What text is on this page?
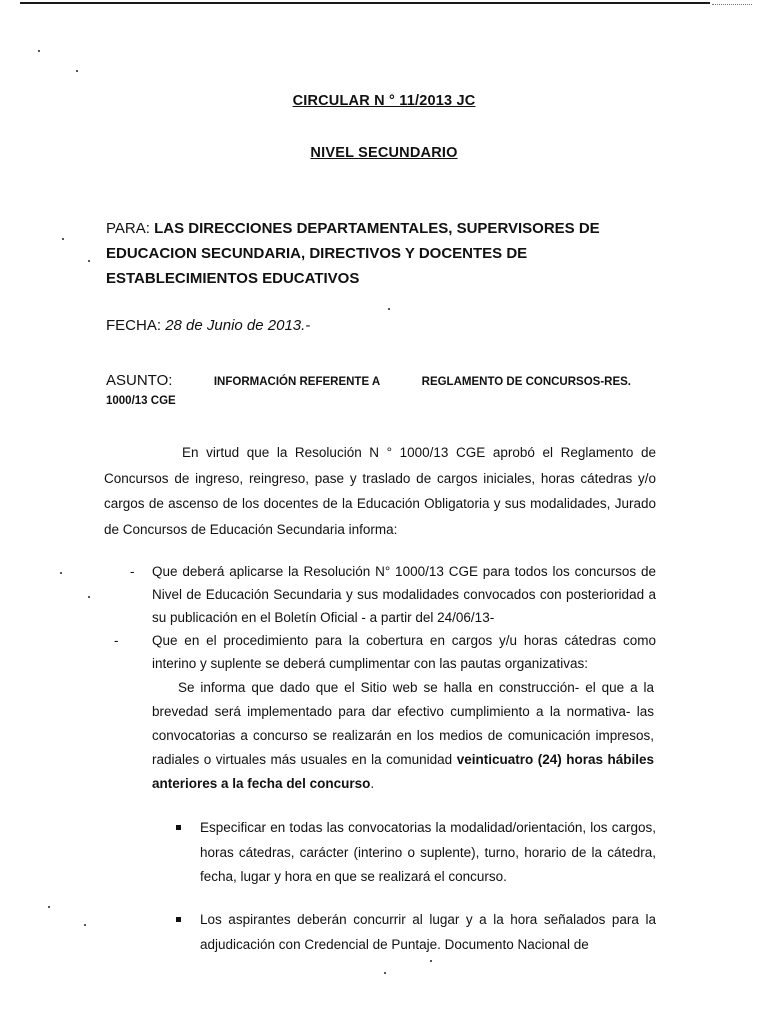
CIRCULAR N ° 11/2013 JC
NIVEL SECUNDARIO
PARA: LAS DIRECCIONES DEPARTAMENTALES, SUPERVISORES DE EDUCACION SECUNDARIA, DIRECTIVOS Y DOCENTES DE ESTABLECIMIENTOS EDUCATIVOS
FECHA: 28 de Junio de 2013.-
ASUNTO:	INFORMACIÓN REFERENTE A	REGLAMENTO DE CONCURSOS-RES.
1000/13 CGE
En virtud que la Resolución N ° 1000/13 CGE aprobó el Reglamento de Concursos de ingreso, reingreso, pase y traslado de cargos iniciales, horas cátedras y/o cargos de ascenso de los docentes de la Educación Obligatoria y sus modalidades, Jurado de Concursos de Educación Secundaria informa:
- Que deberá aplicarse la Resolución N° 1000/13 CGE para todos los concursos de Nivel de Educación Secundaria y sus modalidades convocados con posterioridad a su publicación en el Boletín Oficial - a partir del 24/06/13-
- Que en el procedimiento para la cobertura en cargos y/u horas cátedras como interino y suplente se deberá cumplimentar con las pautas organizativas:
Se informa que dado que el Sitio web se halla en construcción- el que a la brevedad será implementado para dar efectivo cumplimiento a la normativa- las convocatorias a concurso se realizarán en los medios de comunicación impresos, radiales o virtuales más usuales en la comunidad veinticuatro (24) horas hábiles anteriores a la fecha del concurso.
Especificar en todas las convocatorias la modalidad/orientación, los cargos, horas cátedras, carácter (interino o suplente), turno, horario de la cátedra, fecha, lugar y hora en que se realizará el concurso.
Los aspirantes deberán concurrir al lugar y a la hora señalados para la adjudicación con Credencial de Puntaje. Documento Nacional de
